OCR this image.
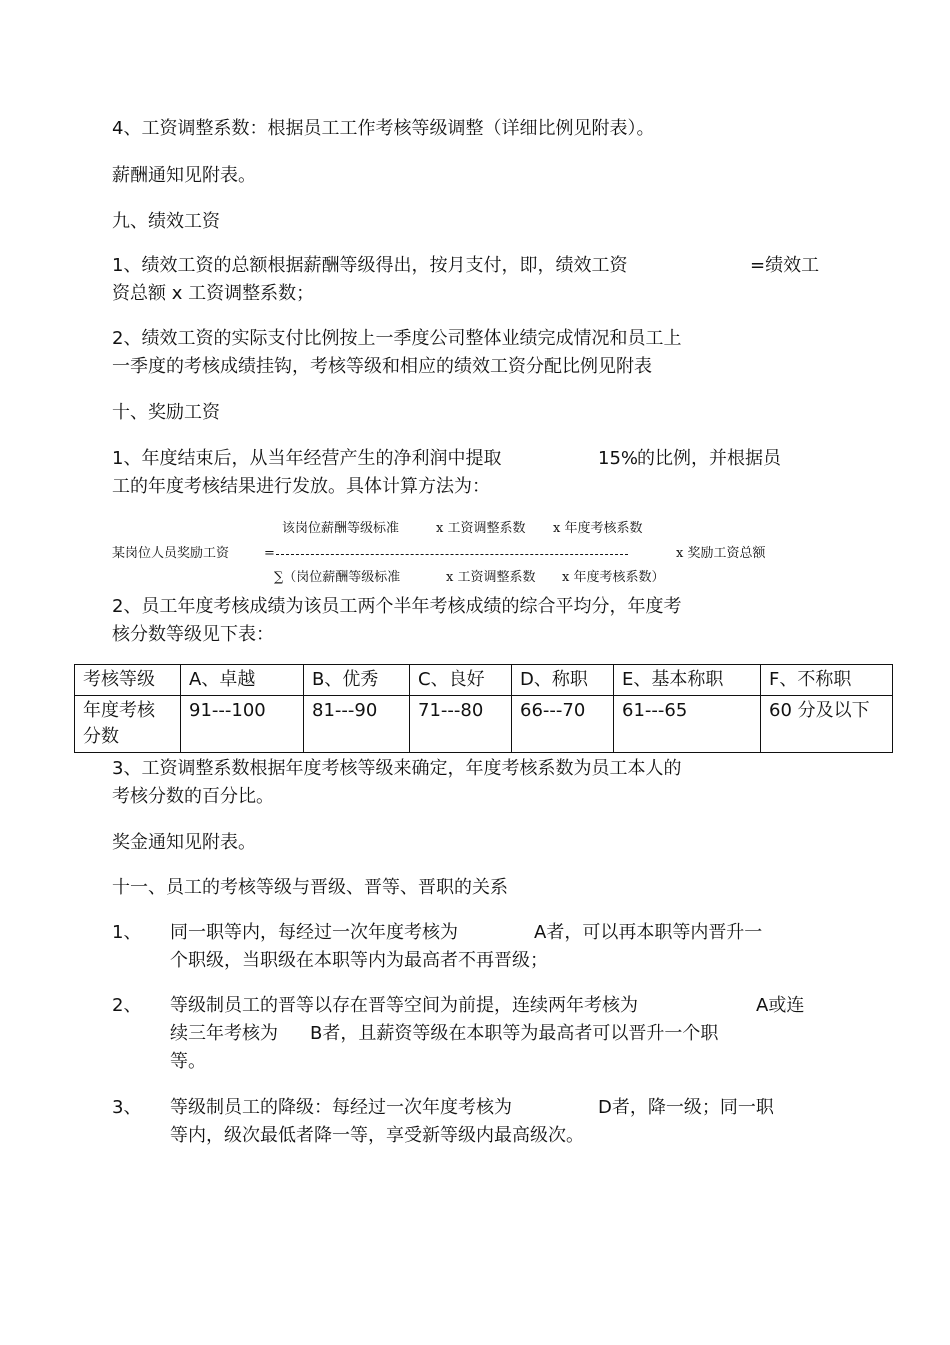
4、工资调整系数：根据员工工作考核等级调整（详细比例见附表）。
薪酬通知见附表。
九、绩效工资
1、绩效工资的总额根据薪酬等级得出，按月支付，即，绩效工资	=绩效工
资总额 x 工资调整系数；
2、绩效工资的实际支付比例按上一季度公司整体业绩完成情况和员工上
一季度的考核成绩挂钩，考核等级和相应的绩效工资分配比例见附表
十、奖励工资
1、年度结束后，从当年经营产生的净利润中提取	15%
的比例，并根据员
工的年度考核结果进行发放。具体计算方法为：
该岗位薪酬等级标准	x 工资调整系数 x 年度考核系数
某岗位人员奖励工资	=	x 奖励工资总额
∑（岗位薪酬等级标准	x 工资调整系数 x 年度考核系数）
2、员工年度考核成绩为该员工两个半年考核成绩的综合平均分，年度考
核分数等级见下表：
考核等级	A、卓越	B、优秀	C、良好	D、称职	E、基本称职	F、不称职

年度考核
分数	91---100	81---90	71---80	66---70	61---65	60 分及以下
3、工资调整系数根据年度考核等级来确定，年度考核系数为员工本人的
考核分数的百分比。
奖金通知见附表。
十一、员工的考核等级与晋级、晋等、晋职的关系
1、 同一职等内，每经过一次年度考核为	A者，可以再本职等内晋升一
个职级，当职级在本职等内为最高者不再晋级；
2、 等级制员工的晋等以存在晋等空间为前提，连续两年考核为	A或连
续三年考核为 B者，且薪资等级在本职等为最高者可以晋升一个职
等。
3、 等级制员工的降级：每经过一次年度考核为	D者，降一级；同一职
等内，级次最低者降一等，享受新等级内最高级次。
